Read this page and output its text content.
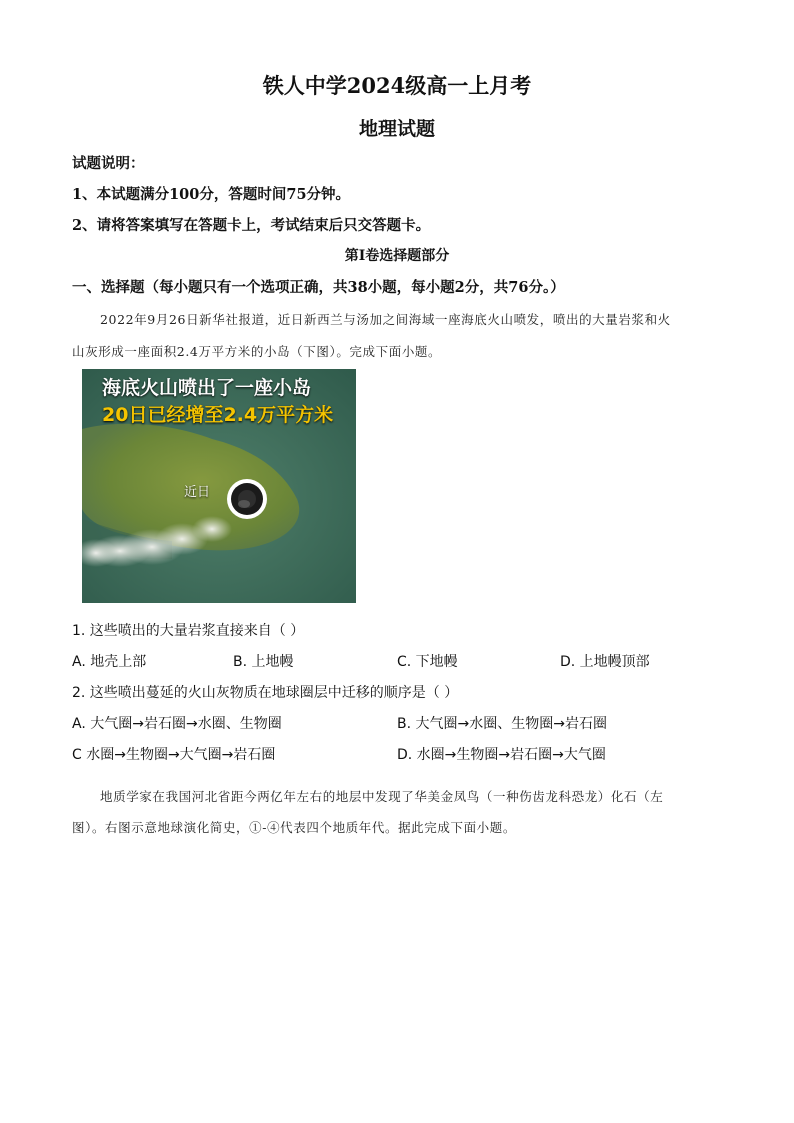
铁人中学2024级高一上月考
地理试题
试题说明：
1、本试题满分100分，答题时间75分钟。
2、请将答案填写在答题卡上，考试结束后只交答题卡。
第Ⅰ卷选择题部分
一、选择题（每小题只有一个选项正确，共38小题，每小题2分，共76分。）
2022年9月26日新华社报道，近日新西兰与汤加之间海域一座海底火山喷发，喷出的大量岩浆和火
山灰形成一座面积2.4万平方米的小岛（下图）。完成下面小题。
海底火山喷出了一座小岛
20日已经增至2.4万平方米
近日
1. 这些喷出的大量岩浆直接来自（ ）
A. 地壳上部	B. 上地幔	C. 下地幔	D. 上地幔顶部
2. 这些喷出蔓延的火山灰物质在地球圈层中迁移的顺序是（ ）
A. 大气圈→岩石圈→水圈、生物圈	B. 大气圈→水圈、生物圈→岩石圈
C 水圈→生物圈→大气圈→岩石圈	D. 水圈→生物圈→岩石圈→大气圈
地质学家在我国河北省距今两亿年左右的地层中发现了华美金凤鸟（一种伤齿龙科恐龙）化石（左
图）。右图示意地球演化简史，①-④代表四个地质年代。据此完成下面小题。
